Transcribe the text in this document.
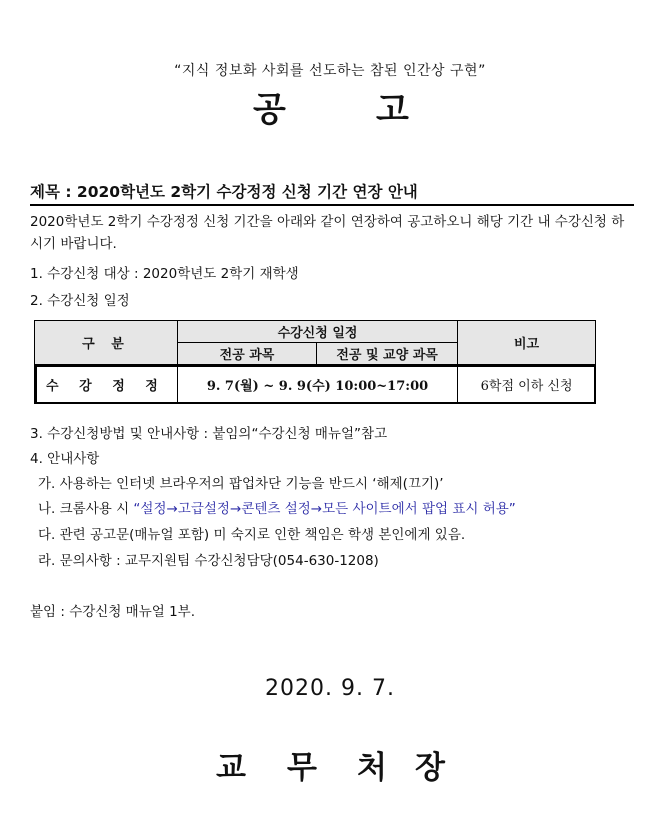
“지식 정보화 사회를 선도하는 참된 인간상 구현”
공	고
제목 : 2020학년도 2학기 수강정정 신청 기간 연장 안내
2020학년도 2학기 수강정정 신청 기간을 아래와 같이 연장하여 공고하오니 해당 기간 내 수강신청 하시기 바랍니다.
1. 수강신청 대상 : 2020학년도 2학기 재학생
2. 수강신청 일정
구 분	수강신청 일정		비고
	전공 과목	전공 및 교양 과목	
수 강 정 정	9. 7(월) ~ 9. 9(수) 10:00~17:00		6학점 이하 신청
3. 수강신청방법 및 안내사항 : 붙임의“수강신청 매뉴얼”참고
4. 안내사항
가. 사용하는 인터넷 브라우저의 팝업차단 기능을 반드시 ‘해제(끄기)’
나. 크롬사용 시 “설정→고급설정→콘텐츠 설정→모든 사이트에서 팝업 표시 허용”
다. 관련 공고문(매뉴얼 포함) 미 숙지로 인한 책임은 학생 본인에게 있음.
라. 문의사항 : 교무지원팀 수강신청담당(054-630-1208)
붙임 : 수강신청 매뉴얼 1부.
2020. 9. 7.
교 무 처 장
